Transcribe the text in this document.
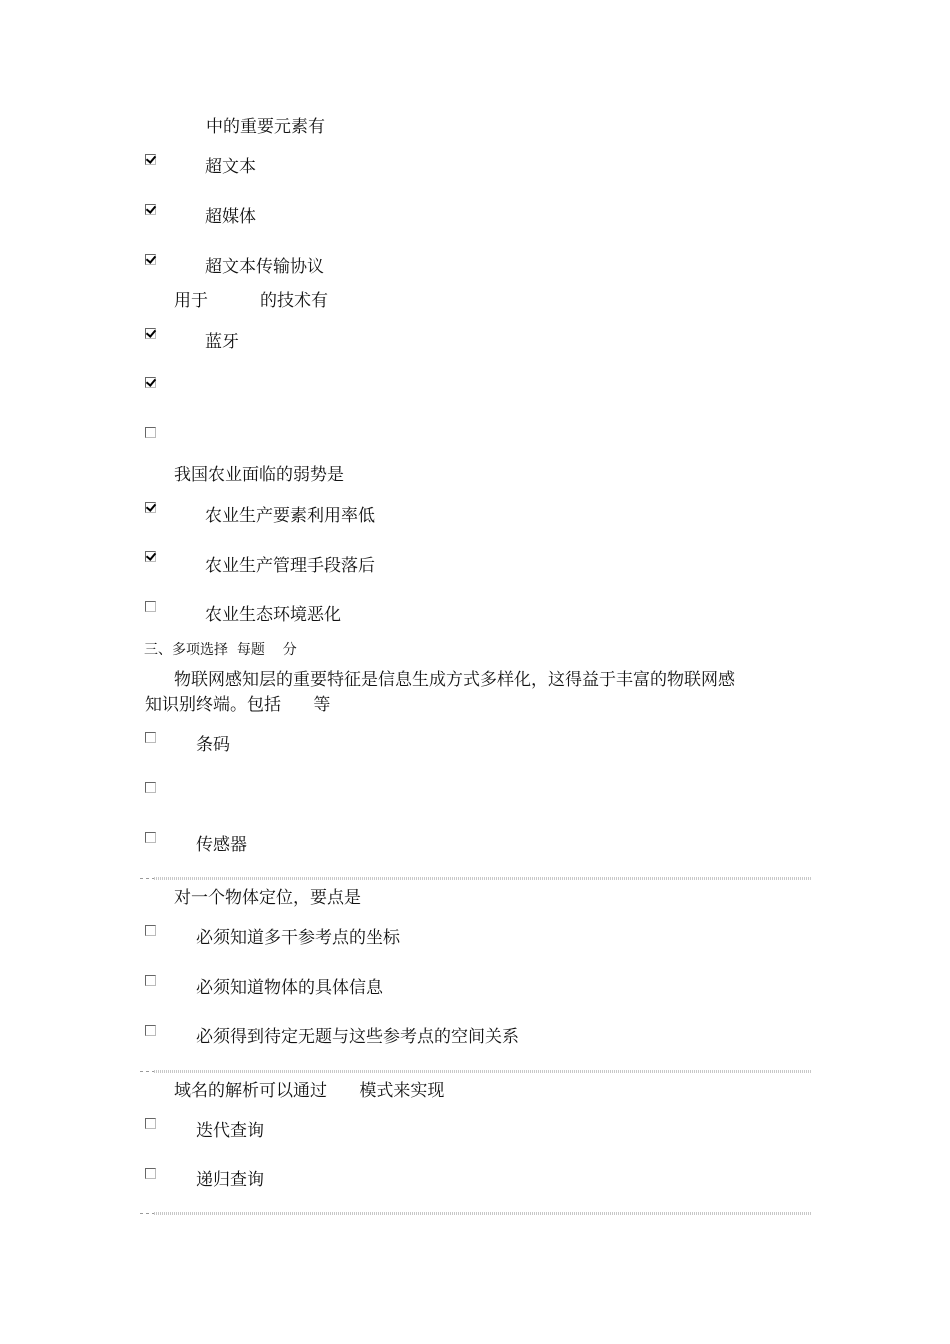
中的重要元素有
超文本
超媒体
超文本传输协议
用于	的技术有
蓝牙
我国农业面临的弱势是
农业生产要素利用率低
农业生产管理手段落后
农业生态环境恶化
三、多项选择  每题    分
物联网感知层的重要特征是信息生成方式多样化，这得益于丰富的物联网感
知识别终端。包括      等
条码
传感器
对一个物体定位，要点是
必须知道多干参考点的坐标
必须知道物体的具体信息
必须得到待定无题与这些参考点的空间关系
域名的解析可以通过      模式来实现
迭代查询
递归查询
